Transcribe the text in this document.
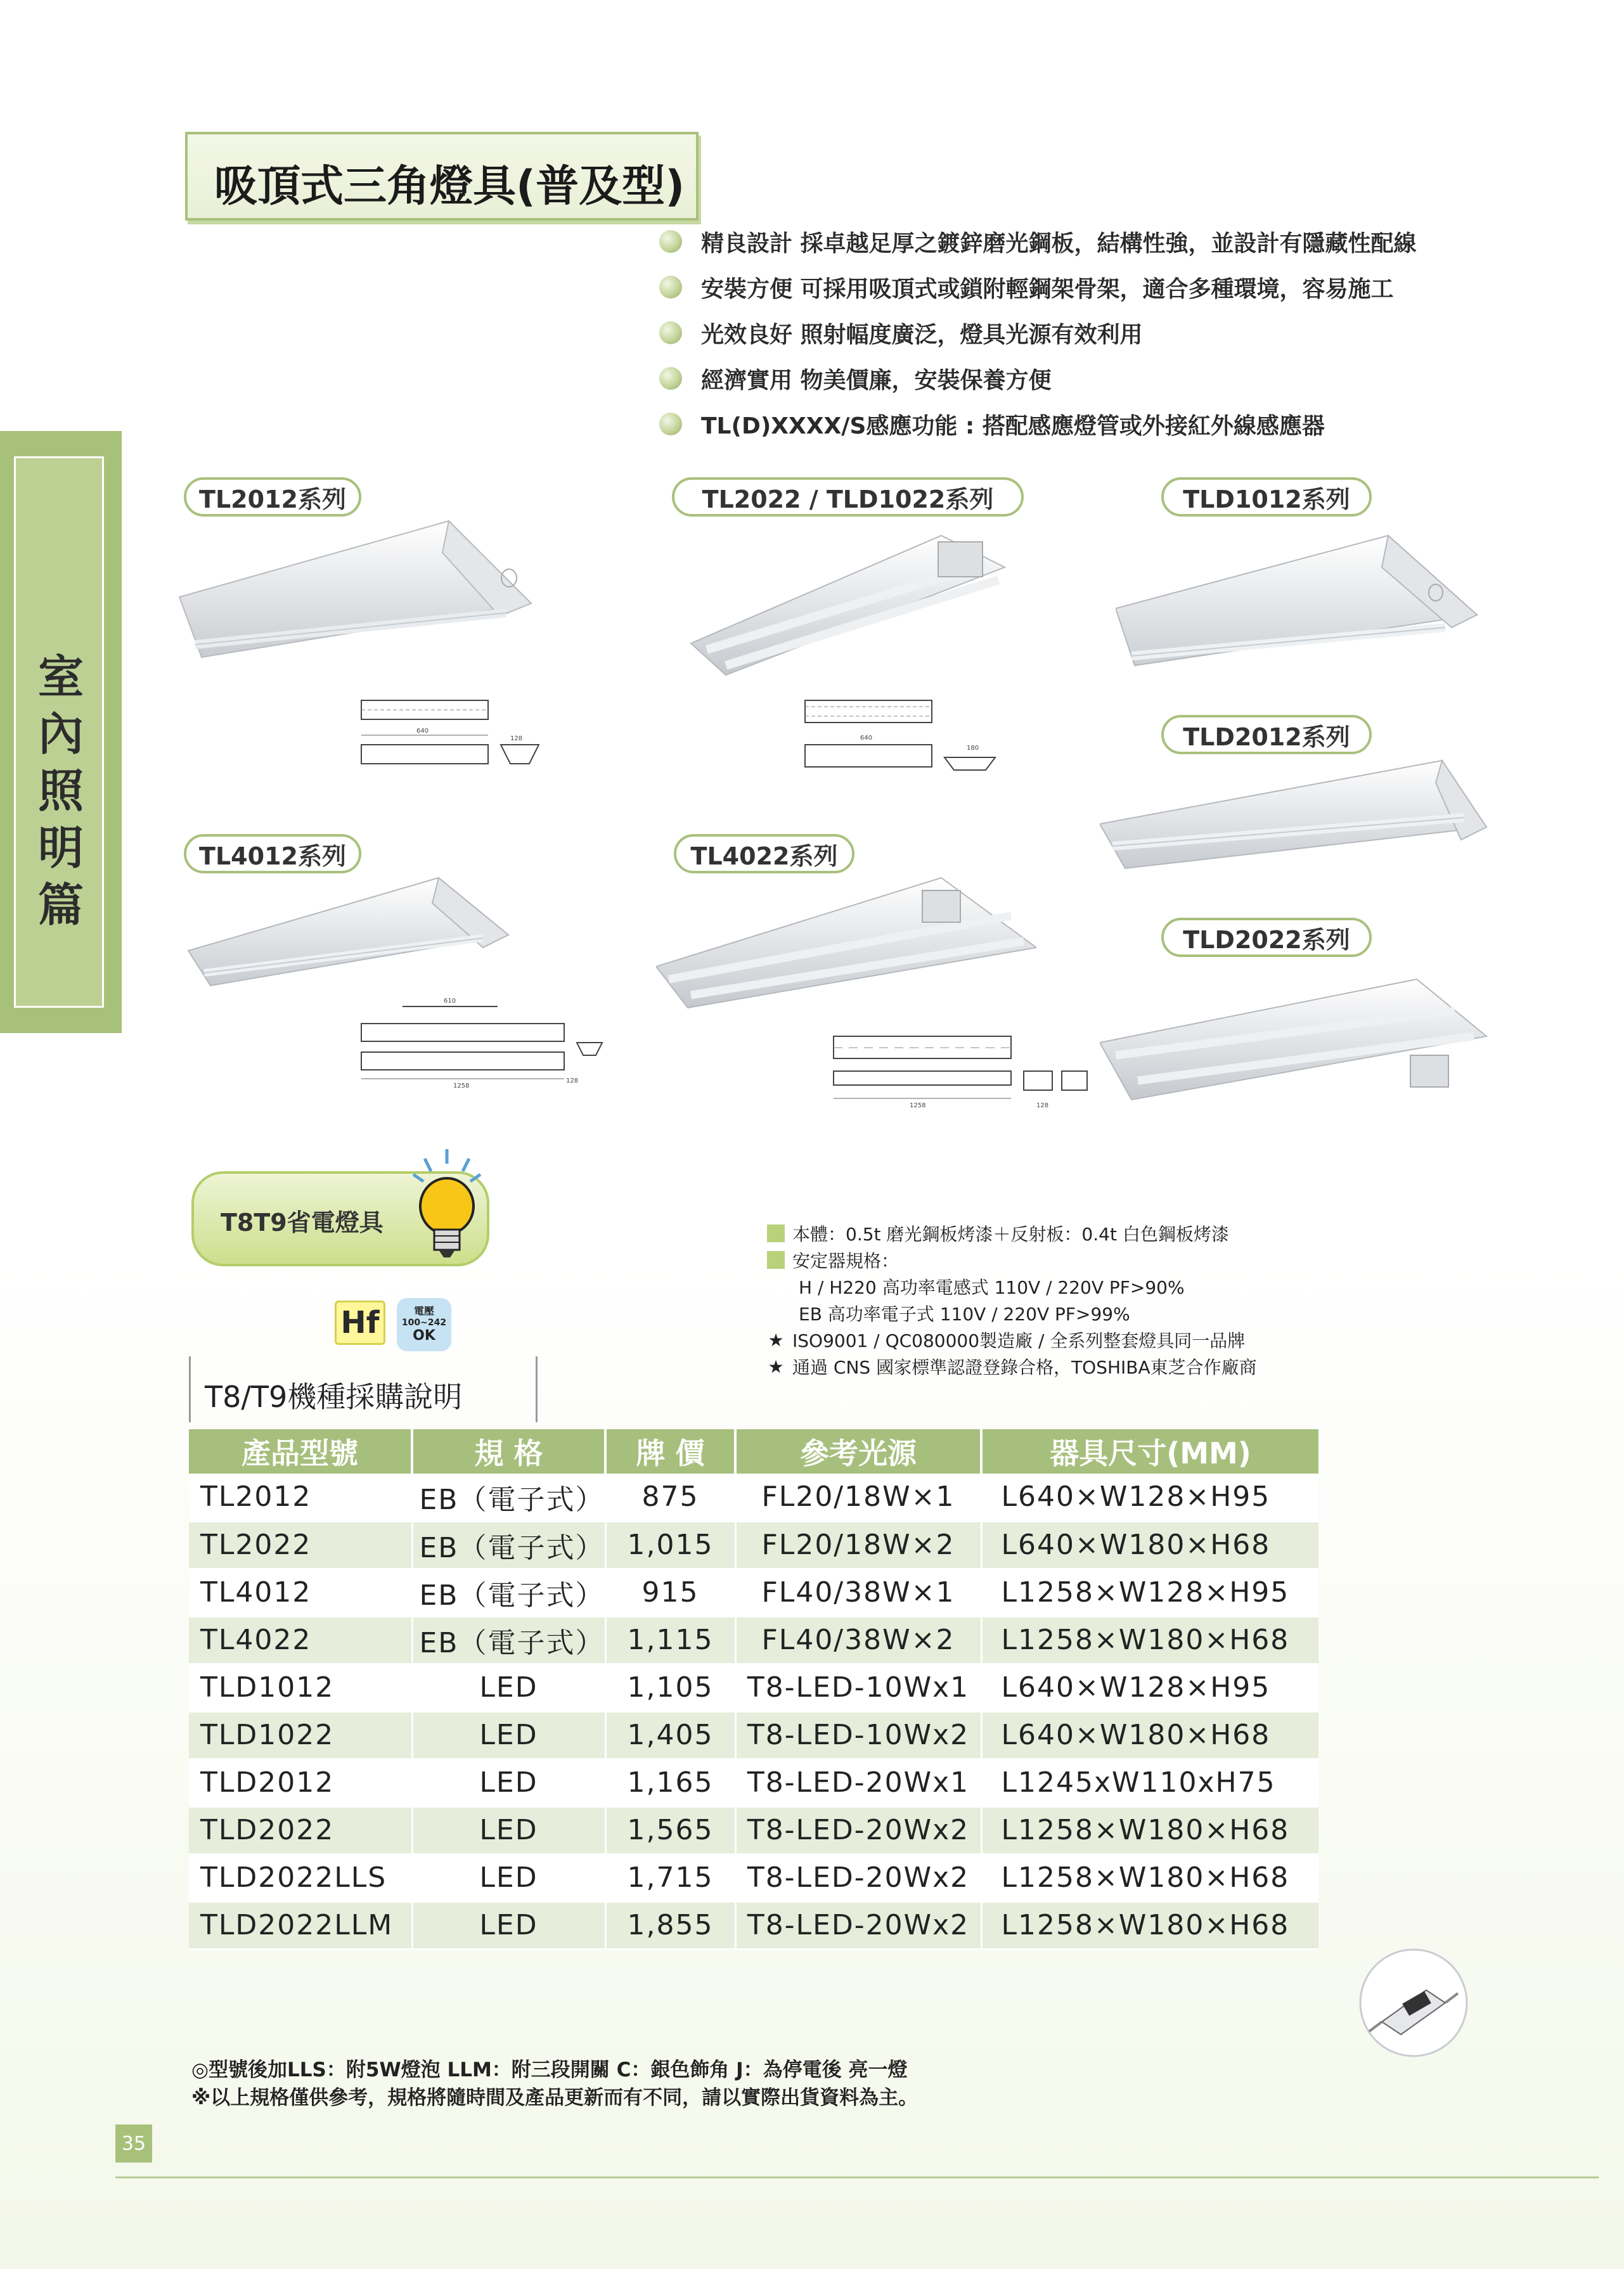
吸頂式三角燈具(普及型)
精良設計 採卓越足厚之鍍鋅磨光鋼板，結構性強，並設計有隱藏性配線
安裝方便 可採用吸頂式或鎖附輕鋼架骨架，適合多種環境，容易施工
光效良好 照射幅度廣泛，燈具光源有效利用
經濟實用 物美價廉，安裝保養方便
TL(D)XXXX/S感應功能 : 搭配感應燈管或外接紅外線感應器
室
內
照
明
篇
TL2012系列	TL2022 / TLD1022系列	TLD1012系列
TLD2012系列
TL4012系列	TL4022系列
TLD2022系列
640
128	640
180
610
1258
128
1258	128
T8T9省電燈具
Hf	電壓
100~242
OK
本體：0.5t 磨光鋼板烤漆＋反射板：0.4t 白色鋼板烤漆
安定器規格：
H / H220 高功率電感式 110V / 220V PF>90%
EB 高功率電子式 110V / 220V PF>99%
★ ISO9001 / QC080000製造廠 / 全系列整套燈具同一品牌
★ 通過 CNS 國家標準認證登錄合格，TOSHIBA東芝合作廠商
T8/T9機種採購說明
產品型號	規 格	牌 價	參考光源	器具尺寸(MM)
TL2012	EB（電子式）	875	FL20/18W×1	L640×W128×H95
TL2022	EB（電子式）	1,015	FL20/18W×2	L640×W180×H68
TL4012	EB（電子式）	915	FL40/38W×1	L1258×W128×H95
TL4022	EB（電子式）	1,115	FL40/38W×2	L1258×W180×H68
TLD1012	LED	1,105	T8-LED-10Wx1	L640×W128×H95
TLD1022	LED	1,405	T8-LED-10Wx2	L640×W180×H68
TLD2012	LED	1,165	T8-LED-20Wx1	L1245xW110xH75
TLD2022	LED	1,565	T8-LED-20Wx2	L1258×W180×H68
TLD2022LLS	LED	1,715	T8-LED-20Wx2	L1258×W180×H68
TLD2022LLM	LED	1,855	T8-LED-20Wx2	L1258×W180×H68
◎型號後加LLS：附5W燈泡 LLM：附三段開關 C：銀色飾角 J：為停電後 亮一燈
※以上規格僅供參考，規格將隨時間及產品更新而有不同，請以實際出貨資料為主。
35
